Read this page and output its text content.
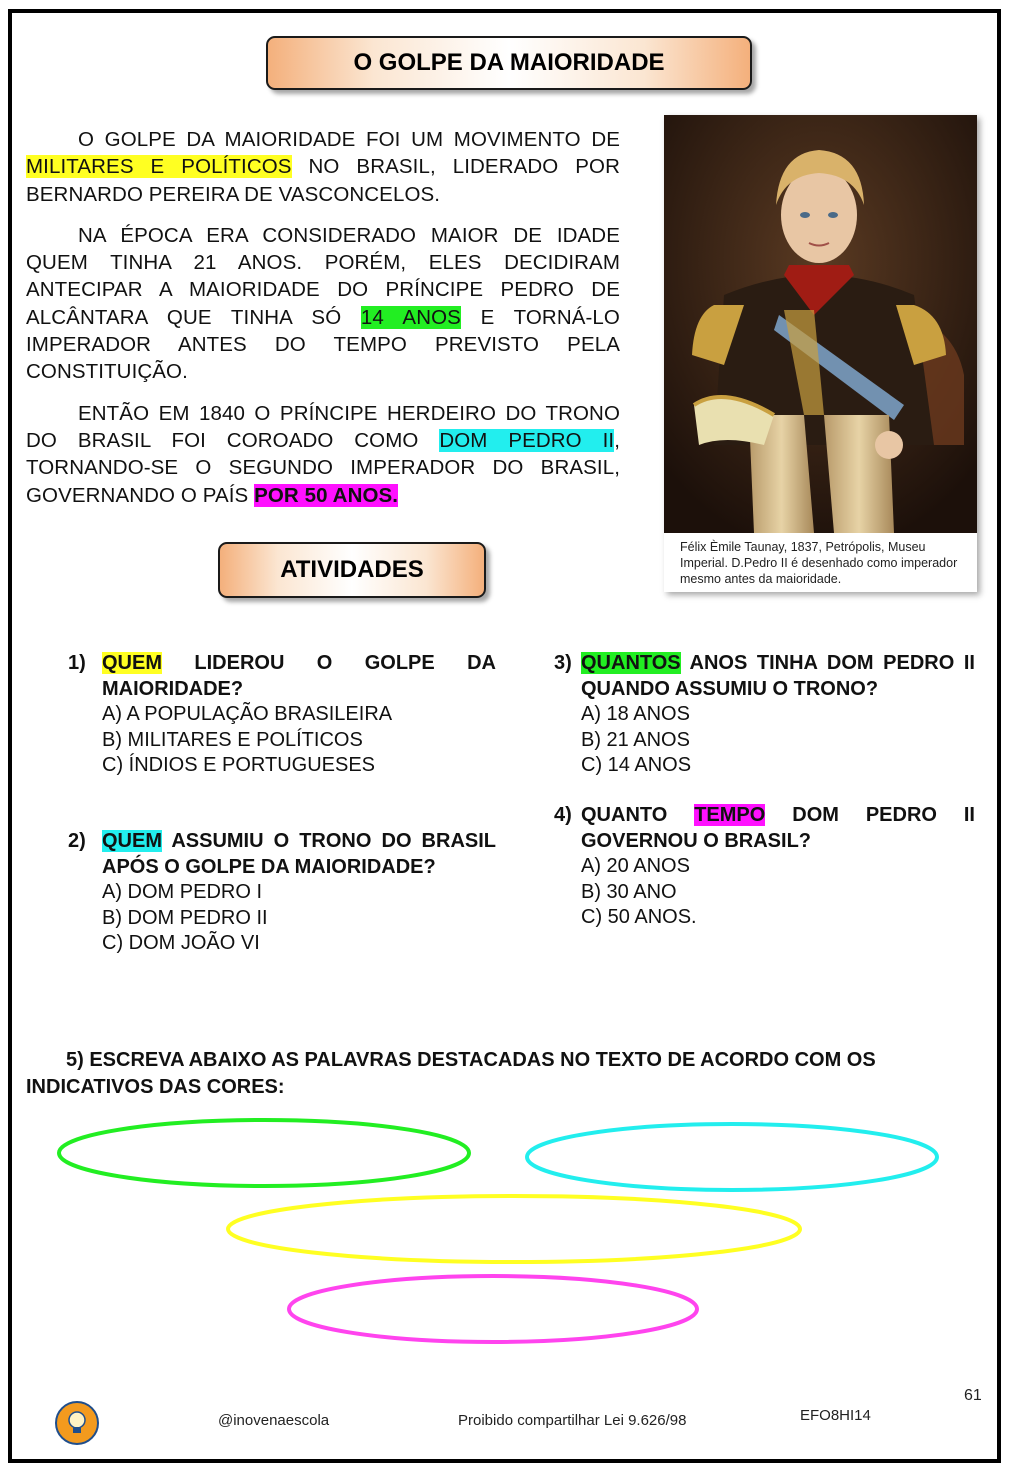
O GOLPE DA MAIORIDADE

O GOLPE DA MAIORIDADE FOI UM MOVIMENTO DE MILITARES E POLÍTICOS NO BRASIL, LIDERADO POR BERNARDO PEREIRA DE VASCONCELOS.

NA ÉPOCA ERA CONSIDERADO MAIOR DE IDADE QUEM TINHA 21 ANOS. PORÉM, ELES DECIDIRAM ANTECIPAR A MAIORIDADE DO PRÍNCIPE PEDRO DE ALCÂNTARA QUE TINHA SÓ 14 ANOS E TORNÁ-LO IMPERADOR ANTES DO TEMPO PREVISTO PELA CONSTITUIÇÃO.

ENTÃO EM 1840 O PRÍNCIPE HERDEIRO DO TRONO DO BRASIL FOI COROADO COMO DOM PEDRO II, TORNANDO-SE O SEGUNDO IMPERADOR DO BRASIL, GOVERNANDO O PAÍS POR 50 ANOS.

Félix Èmile Taunay, 1837, Petrópolis, Museu Imperial. D.Pedro II é desenhado como imperador mesmo antes da maioridade.
ATIVIDADES
1) QUEM LIDEROU O GOLPE DA MAIORIDADE?
A) A POPULAÇÃO BRASILEIRA
B) MILITARES E POLÍTICOS
C) ÍNDIOS E PORTUGUESES
2) QUEM ASSUMIU O TRONO DO BRASIL APÓS O GOLPE DA MAIORIDADE?
A) DOM PEDRO I
B) DOM PEDRO II
C) DOM JOÃO VI
3) QUANTOS ANOS TINHA DOM PEDRO II QUANDO ASSUMIU O TRONO?
A) 18 ANOS
B) 21 ANOS
C) 14 ANOS
4) QUANTO TEMPO DOM PEDRO II GOVERNOU O BRASIL?
A) 20 ANOS
B) 30 ANO
C) 50 ANOS.
5) ESCREVA ABAIXO AS PALAVRAS DESTACADAS NO TEXTO DE ACORDO COM OS INDICATIVOS DAS CORES:
@inovenaescola	Proibido compartilhar Lei 9.626/98	EFO8HI14
61
